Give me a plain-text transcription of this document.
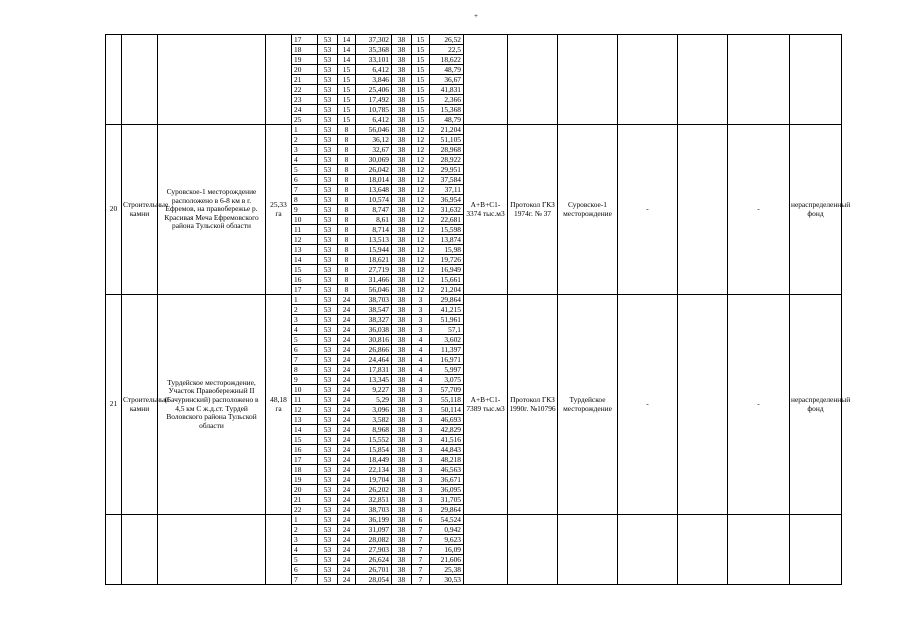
+
				17	53	14	37,302	38	15	26,52								
				18	53	14	35,368	38	15	22,5								
				19	53	14	33,101	38	15	18,622								
				20	53	15	6,412	38	15	48,79								
				21	53	15	3,846	38	15	36,67								
				22	53	15	25,406	38	15	41,831								
				23	53	15	17,492	38	15	2,366								
				24	53	15	10,785	38	15	15,368								
				25	53	15	6,412	38	15	48,79								
20	Строительные камни	Суровское-1 месторождение расположено в 6-8 км в г. Ефремов, на правобережье р. Красивая Меча Ефремовского района Тульской области	25,33 га	1	53	8	56,046	38	12	21,204	А+В+С1-3374 тыс.м3	Протокол ГКЗ 1974г. № 37	Суровское-1 месторождение	-		-	нераспределенный фонд	
				2	53	8	36,12	38	12	51,105								
				3	53	8	32,67	38	12	28,968								
				4	53	8	30,069	38	12	28,922								
				5	53	8	26,042	38	12	29,951								
				6	53	8	18,014	38	12	37,584								
				7	53	8	13,648	38	12	37,11								
				8	53	8	10,574	38	12	36,954								
				9	53	8	8,747	38	12	31,632								
				10	53	8	8,61	38	12	22,681								
				11	53	8	8,714	38	12	15,598								
				12	53	8	13,513	38	12	13,874								
				13	53	8	15,944	38	12	15,98								
				14	53	8	18,621	38	12	19,726								
				15	53	8	27,719	38	12	16,949								
				16	53	8	31,466	38	12	15,661								
				17	53	8	56,046	38	12	21,204								
21	Строительные камни	Турдейское месторождение, Участок Правобережный II (Бачуринский) расположено в 4,5 км С ж.д.ст. Турдей Воловского района Тульской области	48,18 га	1	53	24	38,703	38	3	29,864	А+В+С1-7389 тыс.м3	Протокол ГКЗ 1990г. №10796	Турдейское месторождение	-		-	нераспределенный фонд	
				2	53	24	38,547	38	3	41,215								
				3	53	24	38,327	38	3	51,961								
				4	53	24	36,038	38	3	57,1								
				5	53	24	30,816	38	4	3,602								
				6	53	24	26,866	38	4	11,397								
				7	53	24	24,464	38	4	16,971								
				8	53	24	17,831	38	4	5,997								
				9	53	24	13,345	38	4	3,075								
				10	53	24	9,227	38	3	57,709								
				11	53	24	5,29	38	3	55,118								
				12	53	24	3,096	38	3	50,114								
				13	53	24	3,582	38	3	46,693								
				14	53	24	8,968	38	3	42,829								
				15	53	24	15,552	38	3	41,516								
				16	53	24	15,854	38	3	44,843								
				17	53	24	18,449	38	3	48,218								
				18	53	24	22,134	38	3	46,563								
				19	53	24	19,704	38	3	36,671								
				20	53	24	26,202	38	3	36,095								
				21	53	24	32,851	38	3	31,705								
				22	53	24	38,703	38	3	29,864								
				1	53	24	36,199	38	6	54,524								
				2	53	24	31,097	38	7	0,942								
				3	53	24	28,082	38	7	9,623								
				4	53	24	27,903	38	7	16,09								
				5	53	24	26,624	38	7	21,606								
				6	53	24	26,701	38	7	25,38								
				7	53	24	28,054	38	7	30,53								
